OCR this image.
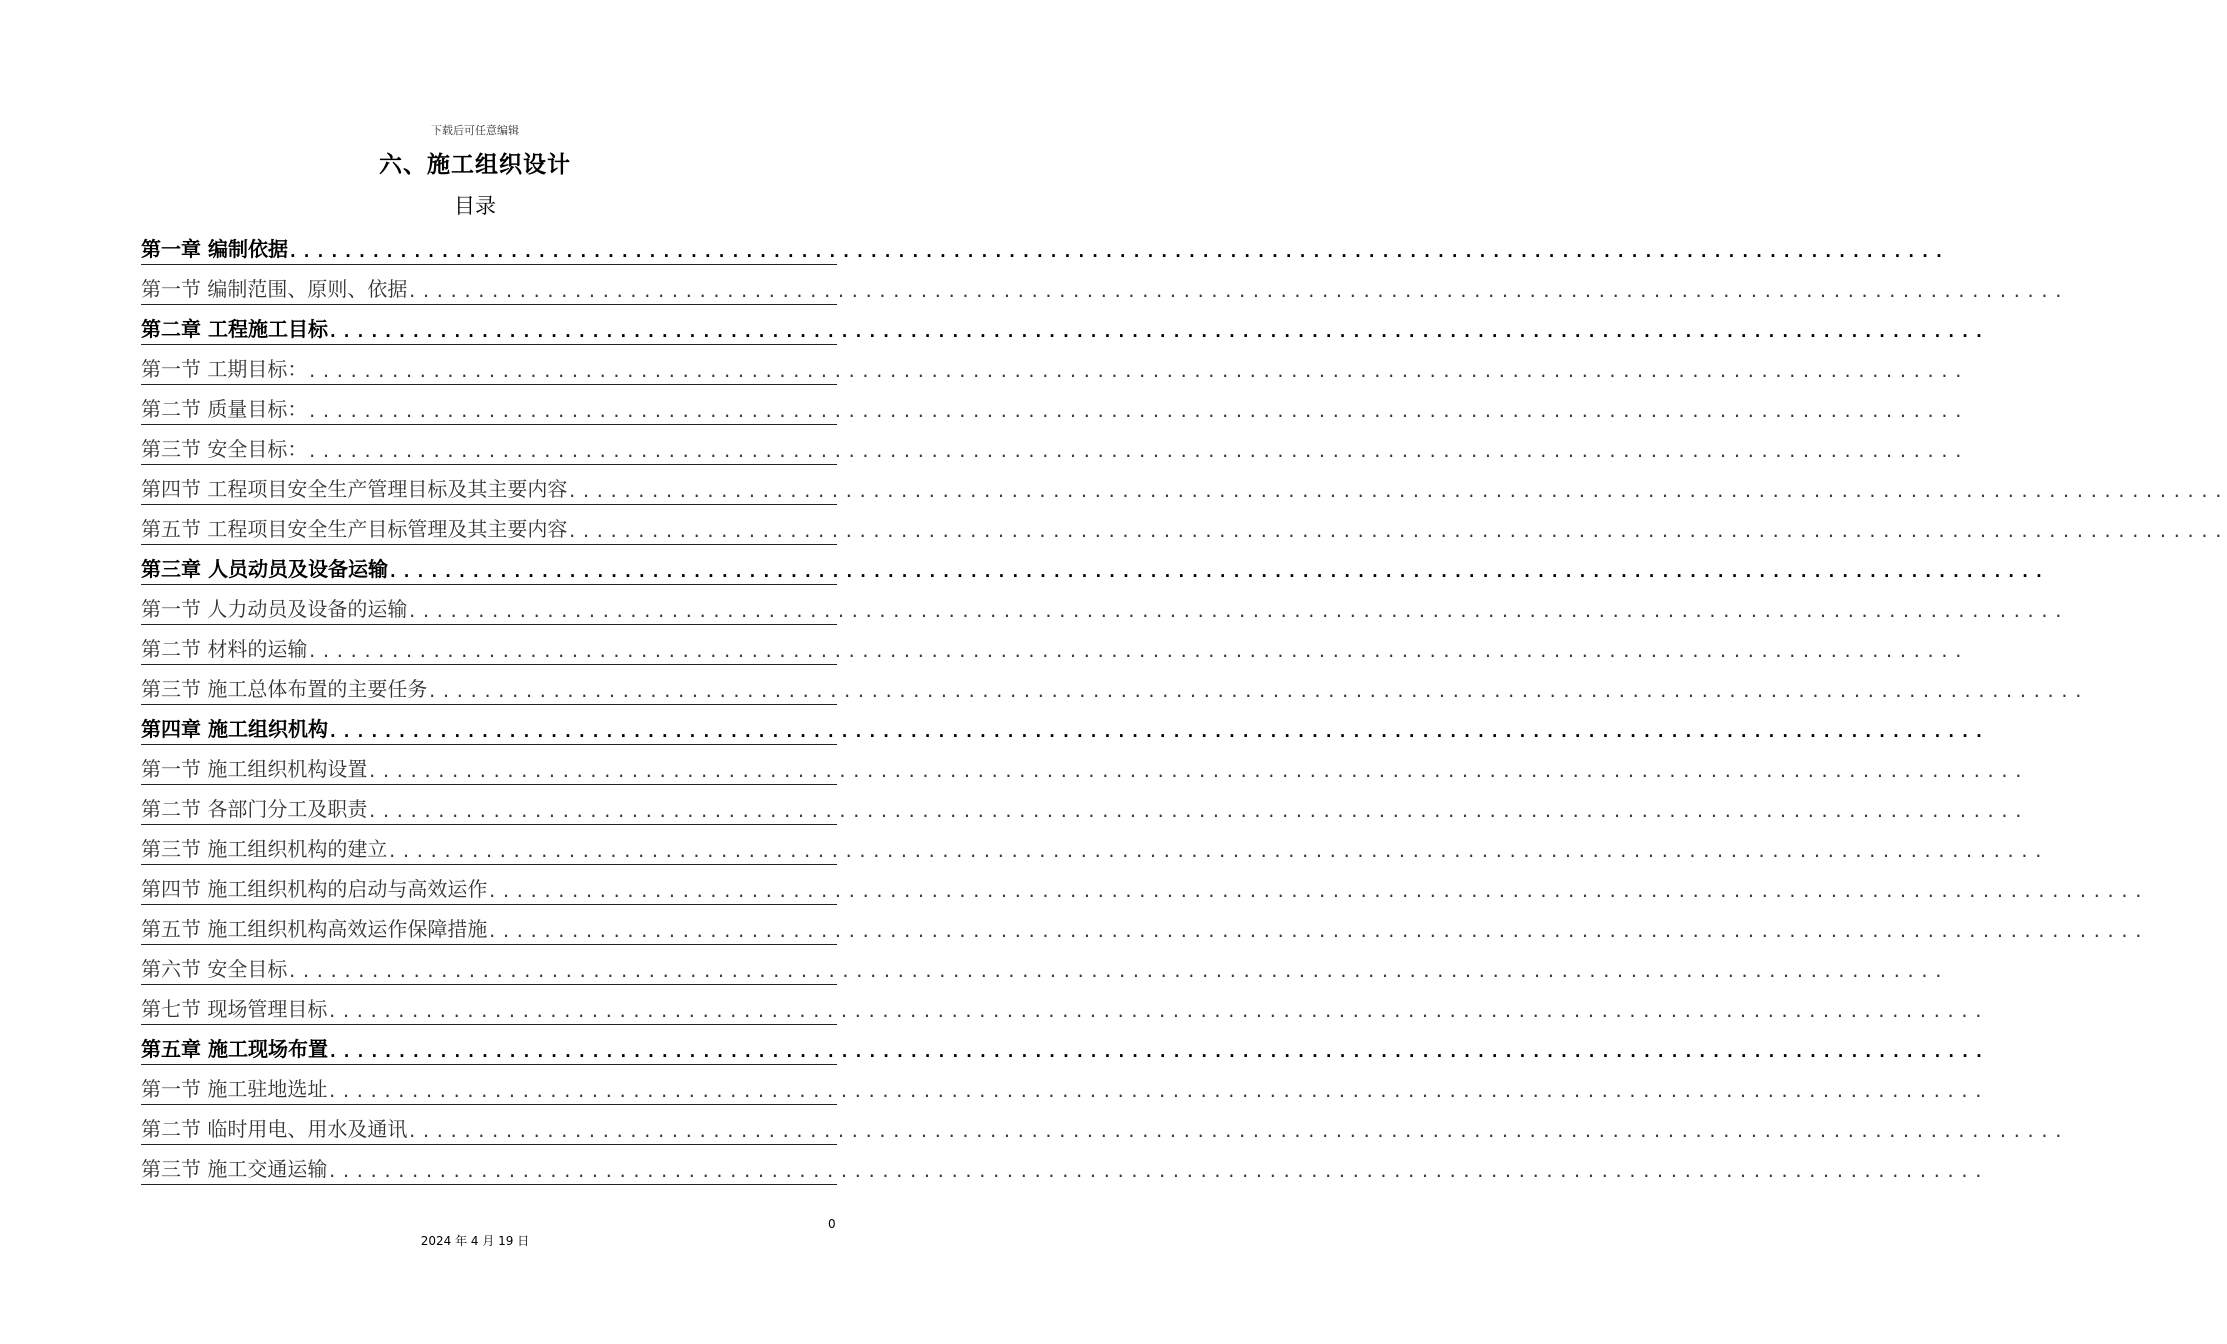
下载后可任意编辑
六、施工组织设计
目录
第一章 编制依据 ........................................................................................................................
第一节 编制范围、原则、依据 ........................................................................................................................
第二章 工程施工目标 ........................................................................................................................
第一节 工期目标： ........................................................................................................................
第二节 质量目标： ........................................................................................................................
第三节 安全目标： ........................................................................................................................
第四节 工程项目安全生产管理目标及其主要内容 ........................................................................................................................
第五节 工程项目安全生产目标管理及其主要内容 ........................................................................................................................
第三章 人员动员及设备运输 ........................................................................................................................
第一节 人力动员及设备的运输 ........................................................................................................................
第二节 材料的运输 ........................................................................................................................
第三节 施工总体布置的主要任务 ........................................................................................................................
第四章 施工组织机构 ........................................................................................................................
第一节 施工组织机构设置 ........................................................................................................................
第二节 各部门分工及职责 ........................................................................................................................
第三节 施工组织机构的建立 ........................................................................................................................
第四节 施工组织机构的启动与高效运作 ........................................................................................................................
第五节 施工组织机构高效运作保障措施 ........................................................................................................................
第六节 安全目标 ........................................................................................................................
第七节 现场管理目标 ........................................................................................................................
第五章 施工现场布置 ........................................................................................................................
第一节 施工驻地选址 ........................................................................................................................
第二节 临时用电、用水及通讯 ........................................................................................................................
第三节 施工交通运输 ........................................................................................................................
0
2024 年 4 月 19 日
